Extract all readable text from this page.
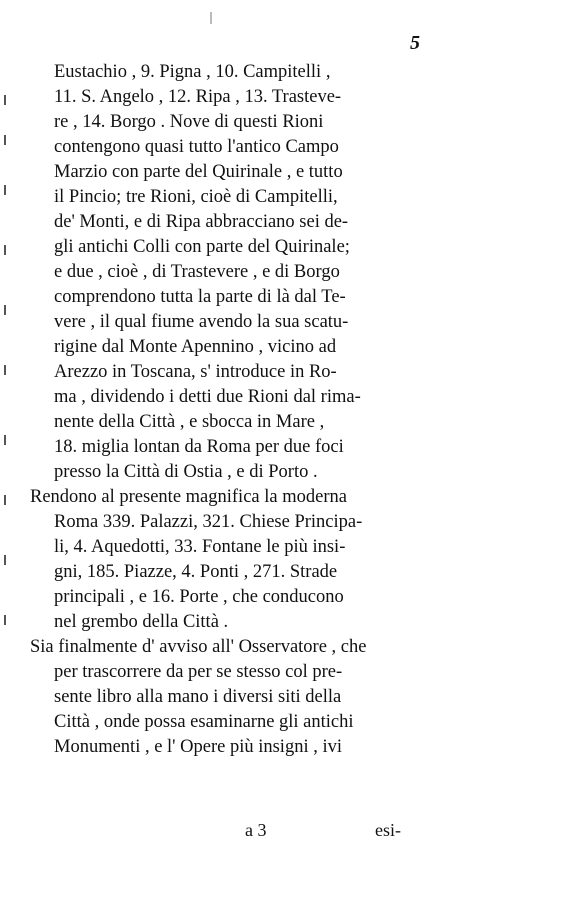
5
Eustachio , 9. Pigna , 10. Campitelli ,
11. S. Angelo , 12. Ripa , 13. Trasteve-
re , 14. Borgo . Nove di questi Rioni
contengono quasi tutto l'antico Campo
Marzio con parte del Quirinale , e tutto
il Pincio; tre Rioni, cioè di Campitelli,
de' Monti, e di Ripa abbracciano sei de-
gli antichi Colli con parte del Quirinale;
e due , cioè , di Trastevere , e di Borgo
comprendono tutta la parte di là dal Te-
vere , il qual fiume avendo la sua scatu-
rigine dal Monte Apennino , vicino ad
Arezzo in Toscana, s' introduce in Ro-
ma , dividendo i detti due Rioni dal rima-
nente della Città , e sbocca in Mare ,
18. miglia lontan da Roma per due foci
presso la Città di Ostia , e di Porto .
Rendono al presente magnifica la moderna
Roma 339. Palazzi, 321. Chiese Principa-
li, 4. Aquedotti, 33. Fontane le più insi-
gni, 185. Piazze, 4. Ponti , 271. Strade
principali , e 16. Porte , che conducono
nel grembo della Città .
Sia finalmente d' avviso all' Osservatore , che
per trascorrere da per se stesso col pre-
sente libro alla mano i diversi siti della
Città , onde possa esaminarne gli antichi
Monumenti , e l' Opere più insigni , ivi
a 3	esi-
